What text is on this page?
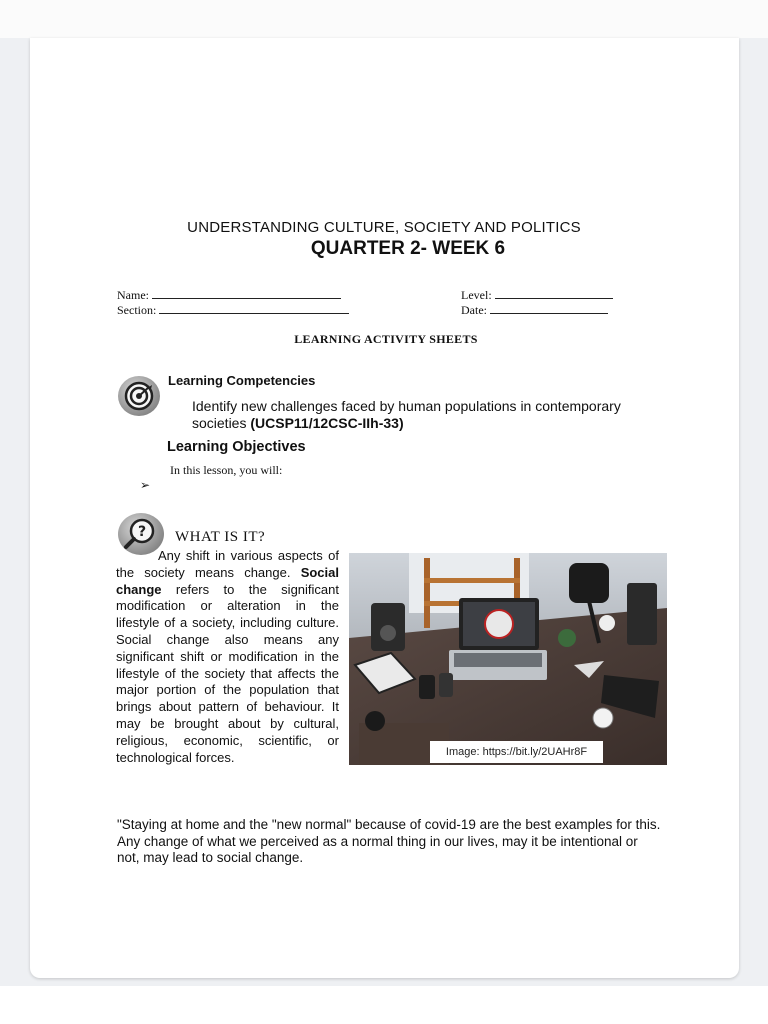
UNDERSTANDING CULTURE, SOCIETY AND POLITICS
QUARTER 2- WEEK 6
Name:
Section:
Level:
Date:
LEARNING ACTIVITY SHEETS
Learning Competencies
Identify new challenges faced by human populations in contemporary societies (UCSP11/12CSC-IIh-33)
Learning Objectives
In this lesson, you will:
➢
? WHAT IS IT?
Any shift in various aspects of the society means change. Social change refers to the significant modification or alteration in the lifestyle of a society, including culture. Social change also means any significant shift or modification in the lifestyle of the society that affects the major portion of the population that brings about pattern of behaviour. It may be brought about by cultural, religious, economic, scientific, or technological forces.	Image: https://bit.ly/2UAHr8F
"Staying at home and the "new normal" because of covid-19 are the best examples for this. Any change of what we perceived as a normal thing in our lives, may it be intentional or not, may lead to social change.
